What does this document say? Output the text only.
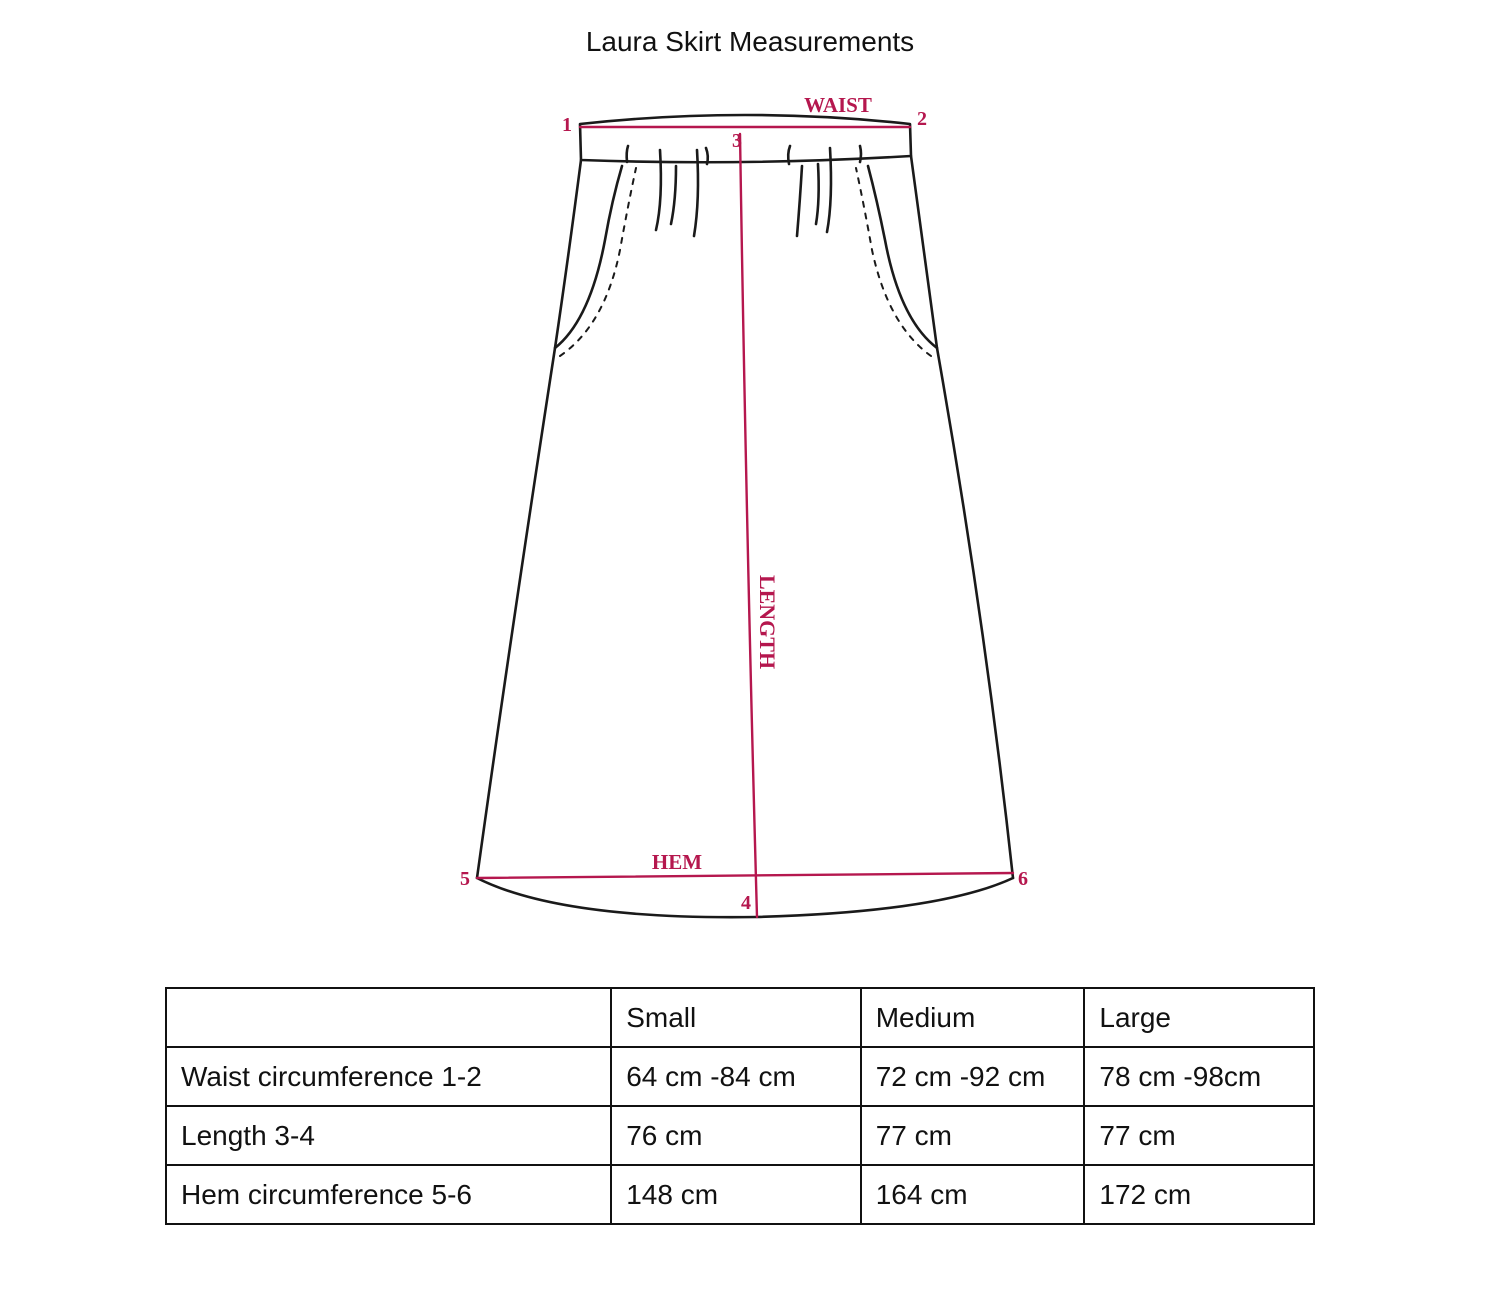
Laura Skirt Measurements
WAIST
HEM
LENGTH
1	2
3
4
5	6
	Small	Medium	Large
Waist circumference 1-2	64 cm -84 cm	72 cm -92 cm	78 cm -98cm
Length 3-4	76 cm	77 cm	77 cm
Hem circumference 5-6	148 cm	164 cm	172 cm
